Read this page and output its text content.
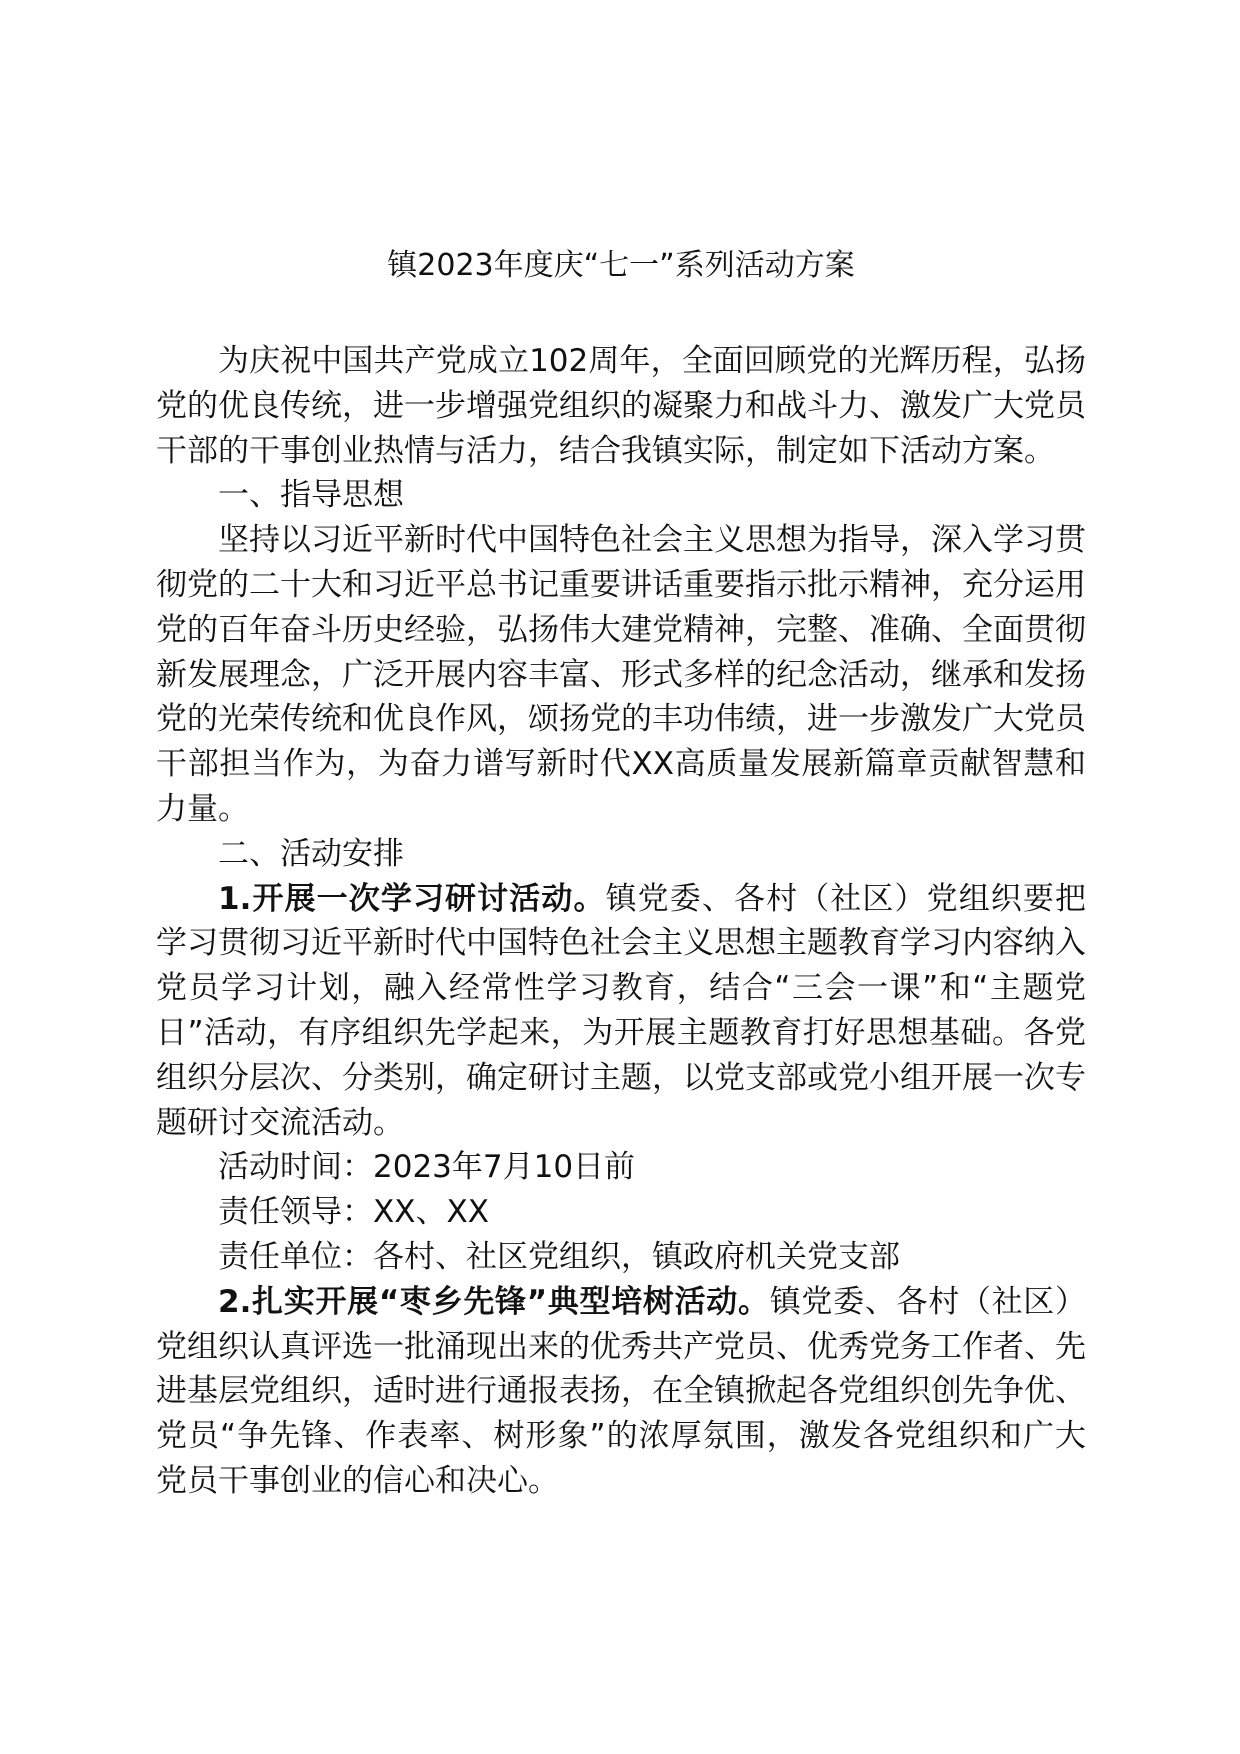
镇2023年度庆“七一”系列活动方案

为庆祝中国共产党成立102周年，全面回顾党的光辉历程，弘扬党的优良传统，进一步增强党组织的凝聚力和战斗力、激发广大党员干部的干事创业热情与活力，结合我镇实际，制定如下活动方案。

一、指导思想

坚持以习近平新时代中国特色社会主义思想为指导，深入学习贯彻党的二十大和习近平总书记重要讲话重要指示批示精神，充分运用党的百年奋斗历史经验，弘扬伟大建党精神，完整、准确、全面贯彻新发展理念，广泛开展内容丰富、形式多样的纪念活动，继承和发扬党的光荣传统和优良作风，颂扬党的丰功伟绩，进一步激发广大党员干部担当作为，为奋力谱写新时代XX高质量发展新篇章贡献智慧和力量。

二、活动安排

1.开展一次学习研讨活动。镇党委、各村（社区）党组织要把学习贯彻习近平新时代中国特色社会主义思想主题教育学习内容纳入党员学习计划，融入经常性学习教育，结合“三会一课”和“主题党日”活动，有序组织先学起来，为开展主题教育打好思想基础。各党组织分层次、分类别，确定研讨主题，以党支部或党小组开展一次专题研讨交流活动。

活动时间：2023年7月10日前

责任领导：XX、XX

责任单位：各村、社区党组织，镇政府机关党支部

2.扎实开展“枣乡先锋”典型培树活动。镇党委、各村（社区）党组织认真评选一批涌现出来的优秀共产党员、优秀党务工作者、先进基层党组织，适时进行通报表扬，在全镇掀起各党组织创先争优、党员“争先锋、作表率、树形象”的浓厚氛围，激发各党组织和广大党员干事创业的信心和决心。
